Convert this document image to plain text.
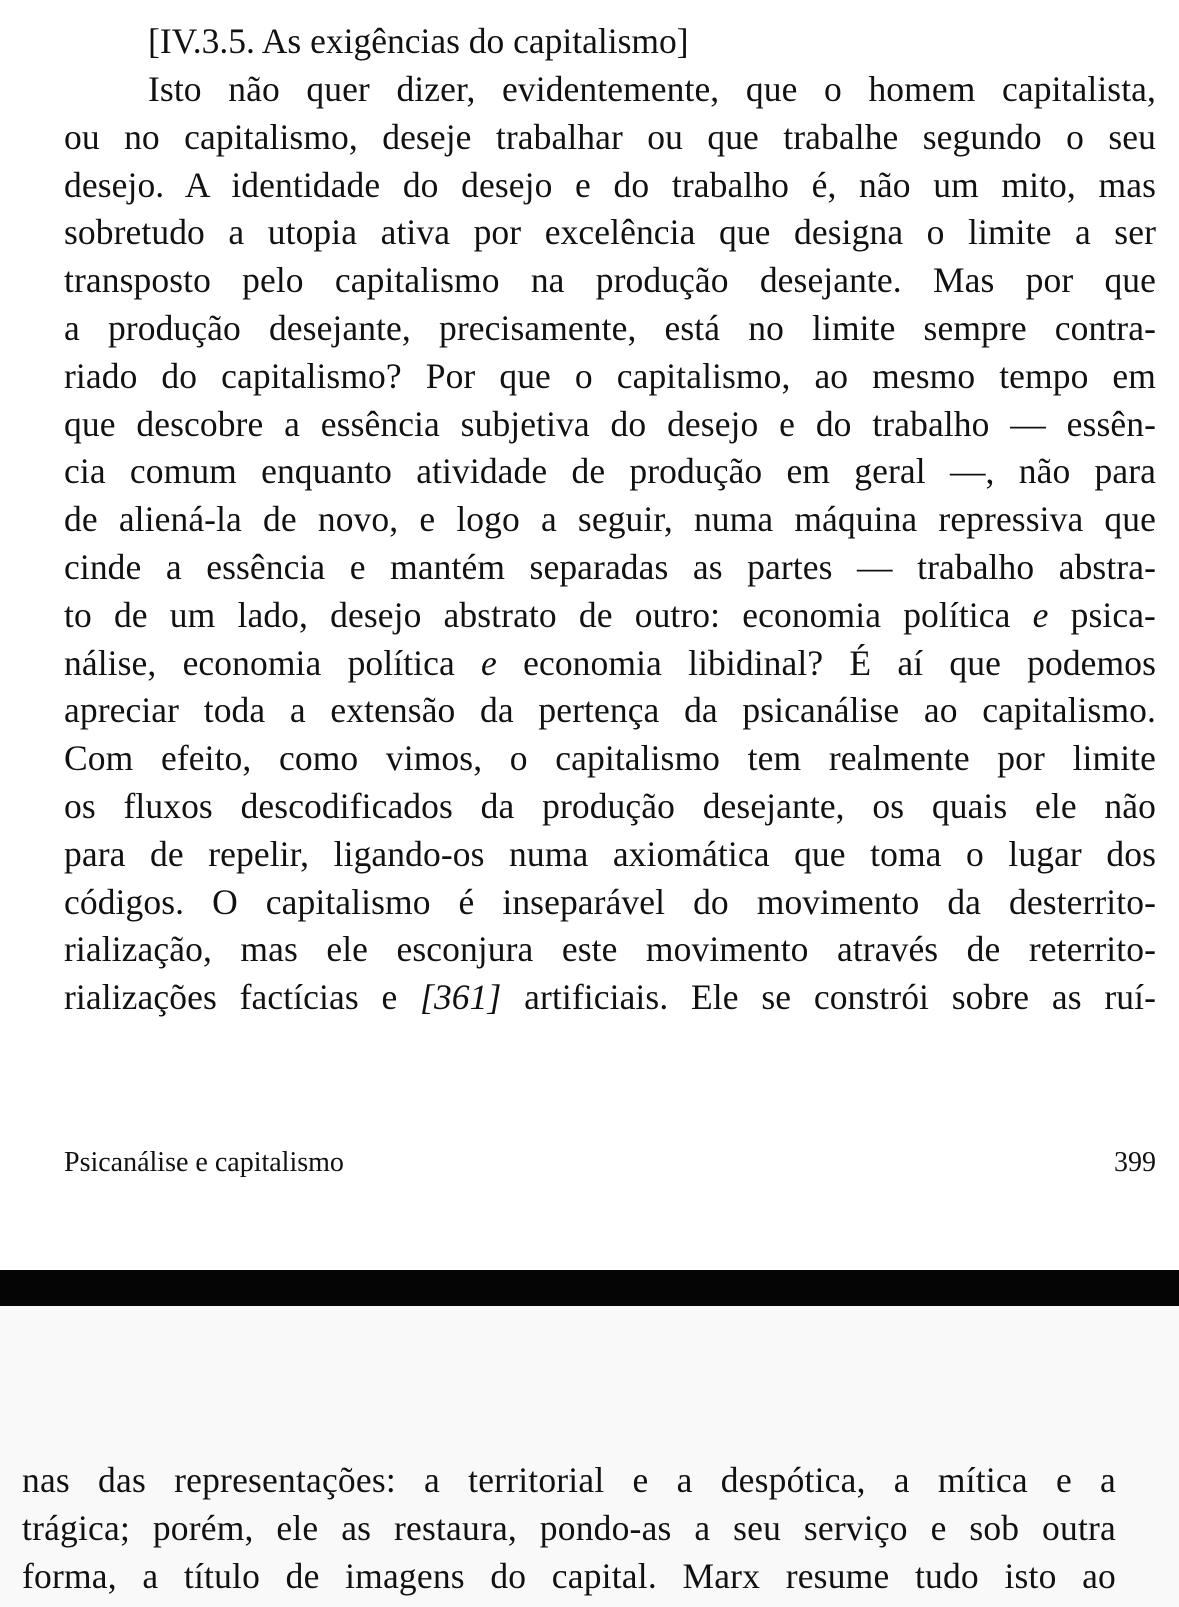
[IV.3.5. As exigências do capitalismo]
Isto não quer dizer, evidentemente, que o homem capitalista,
ou no capitalismo, deseje trabalhar ou que trabalhe segundo o seu
desejo. A identidade do desejo e do trabalho é, não um mito, mas
sobretudo a utopia ativa por excelência que designa o limite a ser
transposto pelo capitalismo na produção desejante. Mas por que
a produção desejante, precisamente, está no limite sempre contra-
riado do capitalismo? Por que o capitalismo, ao mesmo tempo em
que descobre a essência subjetiva do desejo e do trabalho — essên-
cia comum enquanto atividade de produção em geral —, não para
de aliená-la de novo, e logo a seguir, numa máquina repressiva que
cinde a essência e mantém separadas as partes — trabalho abstra-
to de um lado, desejo abstrato de outro: economia política e psica-
nálise, economia política e economia libidinal? É aí que podemos
apreciar toda a extensão da pertença da psicanálise ao capitalismo.
Com efeito, como vimos, o capitalismo tem realmente por limite
os fluxos descodificados da produção desejante, os quais ele não
para de repelir, ligando-os numa axiomática que toma o lugar dos
códigos. O capitalismo é inseparável do movimento da desterrito-
rialização, mas ele esconjura este movimento através de reterrito-
rializações factícias e [361] artificiais. Ele se constrói sobre as ruí-
Psicanálise e capitalismo	399
nas das representações: a territorial e a despótica, a mítica e a
trágica; porém, ele as restaura, pondo-as a seu serviço e sob outra
forma, a título de imagens do capital. Marx resume tudo isto ao
